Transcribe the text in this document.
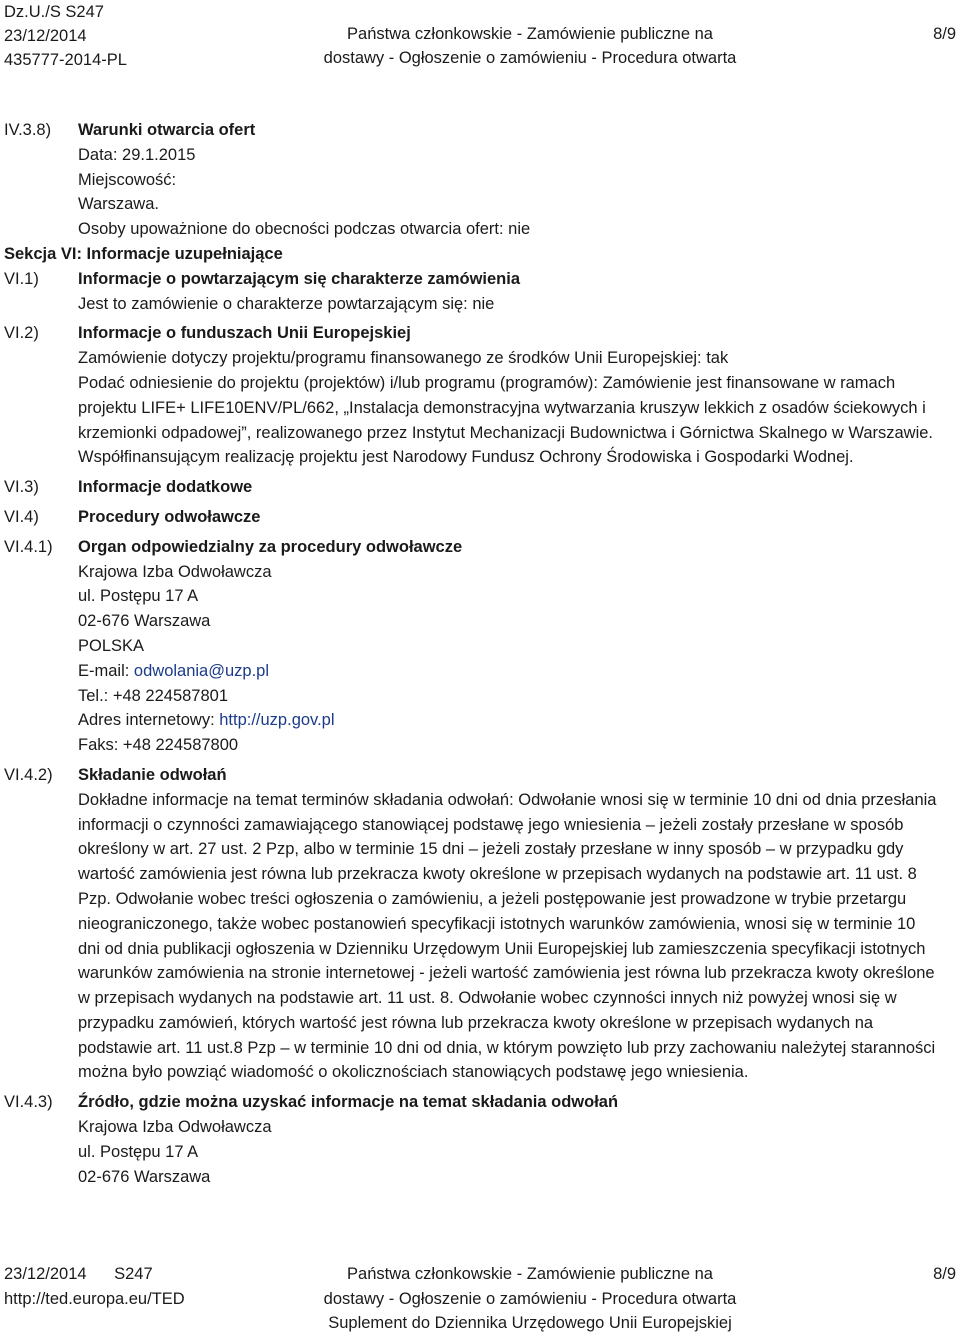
Dz.U./S S247
23/12/2014
435777-2014-PL
Państwa członkowskie - Zamówienie publiczne na
dostawy - Ogłoszenie o zamówieniu - Procedura otwarta
8/9
IV.3.8)	Warunki otwarcia ofert
Data: 29.1.2015
Miejscowość:
Warszawa.
Osoby upoważnione do obecności podczas otwarcia ofert: nie
Sekcja VI: Informacje uzupełniające
VI.1)	Informacje o powtarzającym się charakterze zamówienia
Jest to zamówienie o charakterze powtarzającym się: nie
VI.2)	Informacje o funduszach Unii Europejskiej
Zamówienie dotyczy projektu/programu finansowanego ze środków Unii Europejskiej: tak
Podać odniesienie do projektu (projektów) i/lub programu (programów): Zamówienie jest finansowane w ramach projektu LIFE+ LIFE10ENV/PL/662, „Instalacja demonstracyjna wytwarzania kruszyw lekkich z osadów ściekowych i krzemionki odpadowej”, realizowanego przez Instytut Mechanizacji Budownictwa i Górnictwa Skalnego w Warszawie. Współfinansującym realizację projektu jest Narodowy Fundusz Ochrony Środowiska i Gospodarki Wodnej.
VI.3)	Informacje dodatkowe
VI.4)	Procedury odwoławcze
VI.4.1)	Organ odpowiedzialny za procedury odwoławcze
Krajowa Izba Odwoławcza
ul. Postępu 17 A
02-676 Warszawa
POLSKA
E-mail: odwolania@uzp.pl
Tel.: +48 224587801
Adres internetowy: http://uzp.gov.pl
Faks: +48 224587800
VI.4.2)	Składanie odwołań
Dokładne informacje na temat terminów składania odwołań: Odwołanie wnosi się w terminie 10 dni od dnia przesłania informacji o czynności zamawiającego stanowiącej podstawę jego wniesienia – jeżeli zostały przesłane w sposób określony w art. 27 ust. 2 Pzp, albo w terminie 15 dni – jeżeli zostały przesłane w inny sposób – w przypadku gdy wartość zamówienia jest równa lub przekracza kwoty określone w przepisach wydanych na podstawie art. 11 ust. 8 Pzp. Odwołanie wobec treści ogłoszenia o zamówieniu, a jeżeli postępowanie jest prowadzone w trybie przetargu nieograniczonego, także wobec postanowień specyfikacji istotnych warunków zamówienia, wnosi się w terminie 10 dni od dnia publikacji ogłoszenia w Dzienniku Urzędowym Unii Europejskiej lub zamieszczenia specyfikacji istotnych warunków zamówienia na stronie internetowej - jeżeli wartość zamówienia jest równa lub przekracza kwoty określone w przepisach wydanych na podstawie art. 11 ust. 8. Odwołanie wobec czynności innych niż powyżej wnosi się w przypadku zamówień, których wartość jest równa lub przekracza kwoty określone w przepisach wydanych na podstawie art. 11 ust.8 Pzp – w terminie 10 dni od dnia, w którym powzięto lub przy zachowaniu należytej staranności można było powziąć wiadomość o okolicznościach stanowiących podstawę jego wniesienia.
VI.4.3)	Źródło, gdzie można uzyskać informacje na temat składania odwołań
Krajowa Izba Odwoławcza
ul. Postępu 17 A
02-676 Warszawa
23/12/2014 S247
http://ted.europa.eu/TED
Państwa członkowskie - Zamówienie publiczne na
dostawy - Ogłoszenie o zamówieniu - Procedura otwarta
Suplement do Dziennika Urzędowego Unii Europejskiej
8/9
